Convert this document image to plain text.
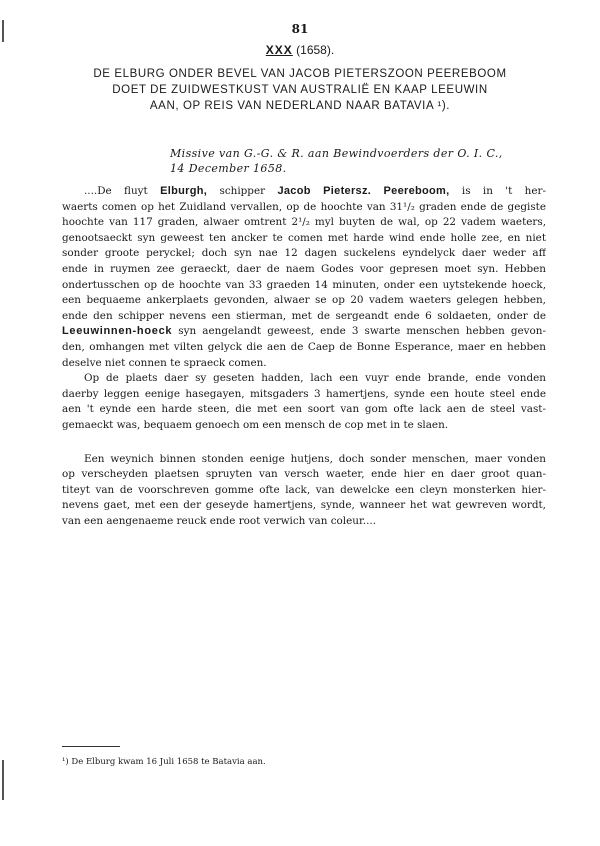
81
XXX (1658).
DE ELBURG ONDER BEVEL VAN JACOB PIETERSZOON PEEREBOOM
DOET DE ZUIDWESTKUST VAN AUSTRALIË EN KAAP LEEUWIN
AAN, OP REIS VAN NEDERLAND NAAR BATAVIA ¹).
Missive van G.-G. & R. aan Bewindvoerders der O. I. C.,
14 December 1658.
....De fluyt Elburgh, schipper Jacob Pietersz. Peereboom, is in 't her-
waerts comen op het Zuidland vervallen, op de hoochte van 31¹/₂ graden ende de gegiste
hoochte van 117 graden, alwaer omtrent 2¹/₂ myl buyten de wal, op 22 vadem waeters,
genootsaeckt syn geweest ten ancker te comen met harde wind ende holle zee, en niet
sonder groote peryckel; doch syn nae 12 dagen suckelens eyndelyck daer weder aff
ende in ruymen zee geraeckt, daer de naem Godes voor gepresen moet syn. Hebben
ondertusschen op de hoochte van 33 graeden 14 minuten, onder een uytstekende hoeck,
een bequaeme ankerplaets gevonden, alwaer se op 20 vadem waeters gelegen hebben,
ende den schipper nevens een stierman, met de sergeandt ende 6 soldaeten, onder de
Leeuwinnen-hoeck syn aengelandt geweest, ende 3 swarte menschen hebben gevon-
den, omhangen met vilten gelyck die aen de Caep de Bonne Esperance, maer en hebben
deselve niet connen te spraeck comen.
Op de plaets daer sy geseten hadden, lach een vuyr ende brande, ende vonden
daerby leggen eenige hasegayen, mitsgaders 3 hamertjens, synde een houte steel ende
aen 't eynde een harde steen, die met een soort van gom ofte lack aen de steel vast-
gemaeckt was, bequaem genoech om een mensch de cop met in te slaen.
Een weynich binnen stonden eenige hutjens, doch sonder menschen, maer vonden
op verscheyden plaetsen spruyten van versch waeter, ende hier en daer groot quan-
titeyt van de voorschreven gomme ofte lack, van dewelcke een cleyn monsterken hier-
nevens gaet, met een der geseyde hamertjens, synde, wanneer het wat gewreven wordt,
van een aengenaeme reuck ende root verwich van coleur....
¹) De Elburg kwam 16 Juli 1658 te Batavia aan.
